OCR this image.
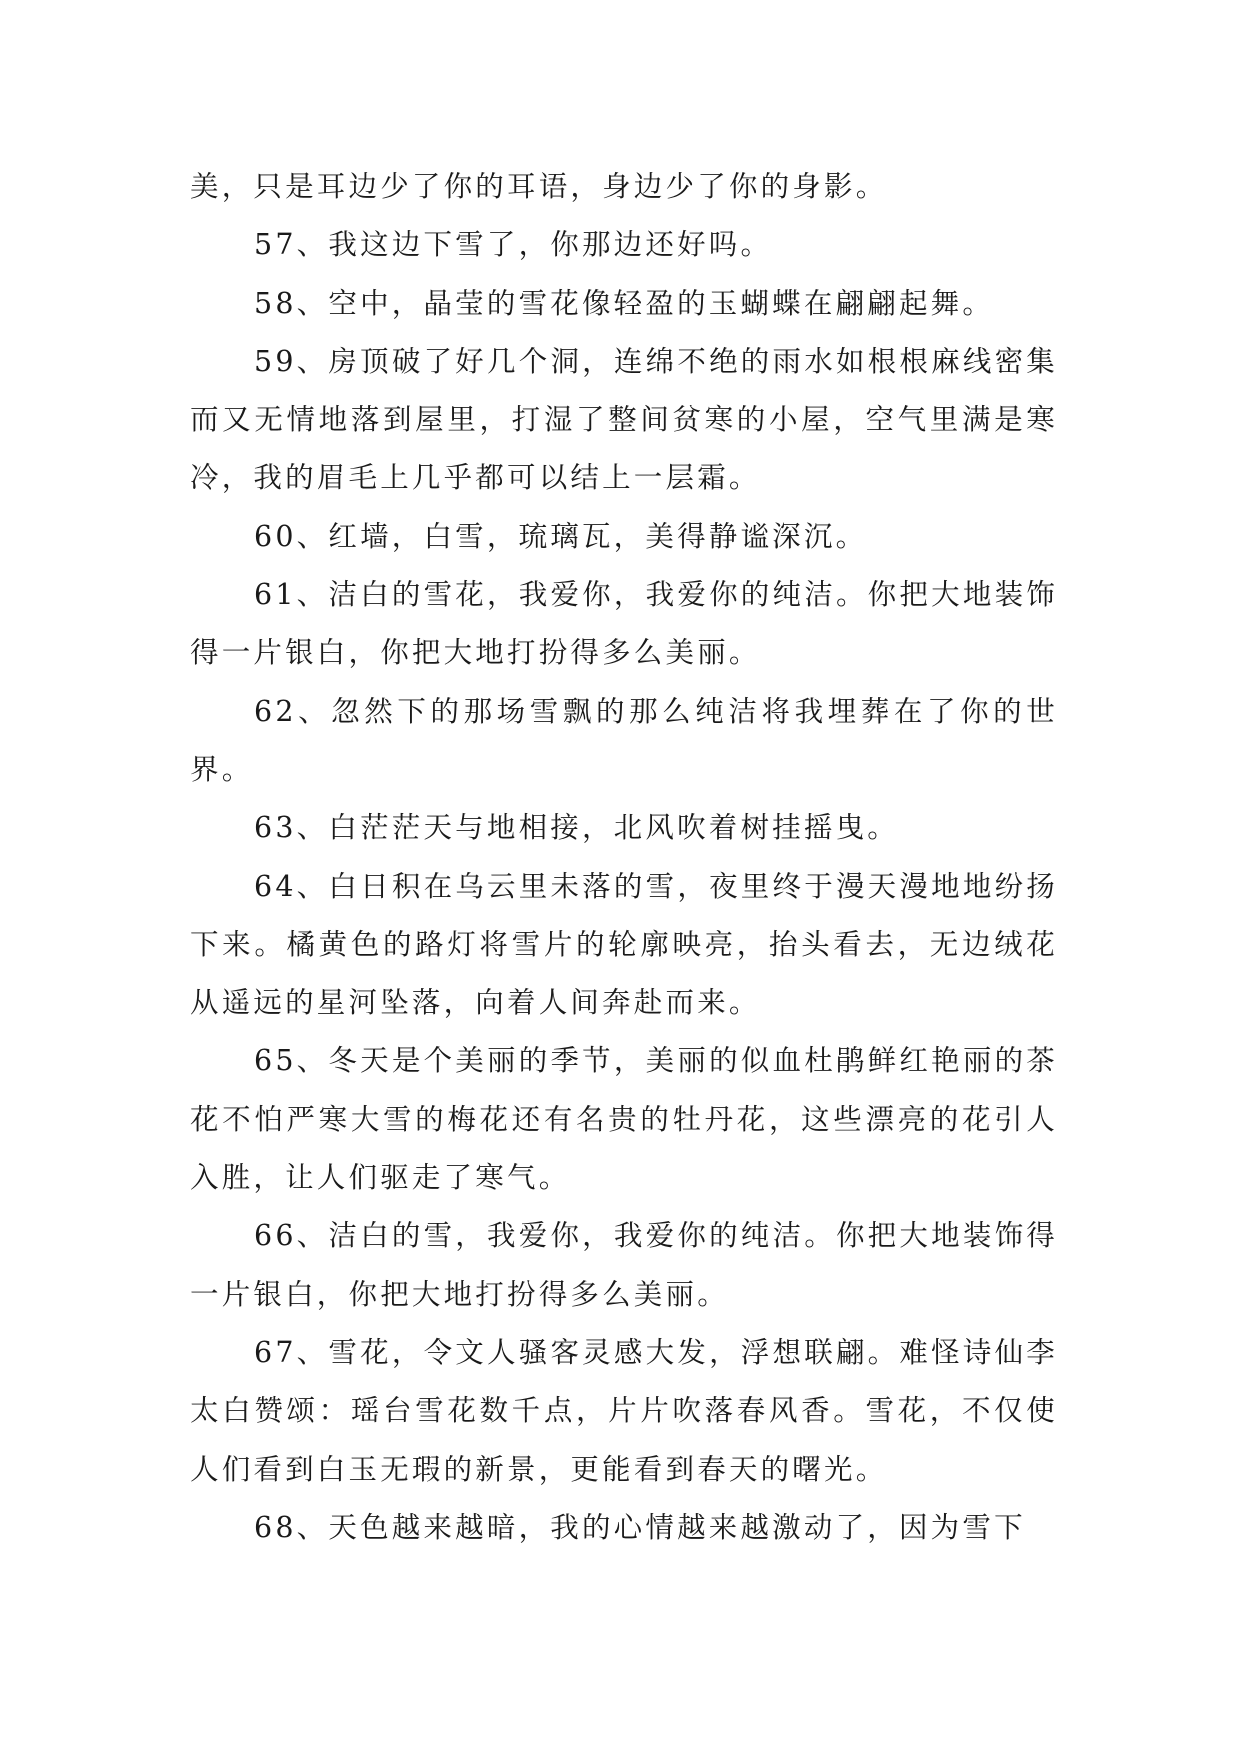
美，只是耳边少了你的耳语，身边少了你的身影。

57、我这边下雪了，你那边还好吗。

58、空中，晶莹的雪花像轻盈的玉蝴蝶在翩翩起舞。

59、房顶破了好几个洞，连绵不绝的雨水如根根麻线密集而又无情地落到屋里，打湿了整间贫寒的小屋，空气里满是寒冷，我的眉毛上几乎都可以结上一层霜。

60、红墙，白雪，琉璃瓦，美得静谧深沉。

61、洁白的雪花，我爱你，我爱你的纯洁。你把大地装饰得一片银白，你把大地打扮得多么美丽。

62、忽然下的那场雪飘的那么纯洁将我埋葬在了你的世界。

63、白茫茫天与地相接，北风吹着树挂摇曳。

64、白日积在乌云里未落的雪，夜里终于漫天漫地地纷扬下来。橘黄色的路灯将雪片的轮廓映亮，抬头看去，无边绒花从遥远的星河坠落，向着人间奔赴而来。

65、冬天是个美丽的季节，美丽的似血杜鹃鲜红艳丽的茶花不怕严寒大雪的梅花还有名贵的牡丹花，这些漂亮的花引人入胜，让人们驱走了寒气。

66、洁白的雪，我爱你，我爱你的纯洁。你把大地装饰得一片银白，你把大地打扮得多么美丽。

67、雪花，令文人骚客灵感大发，浮想联翩。难怪诗仙李太白赞颂：瑶台雪花数千点，片片吹落春风香。雪花，不仅使人们看到白玉无瑕的新景，更能看到春天的曙光。

68、天色越来越暗，我的心情越来越激动了，因为雪下
